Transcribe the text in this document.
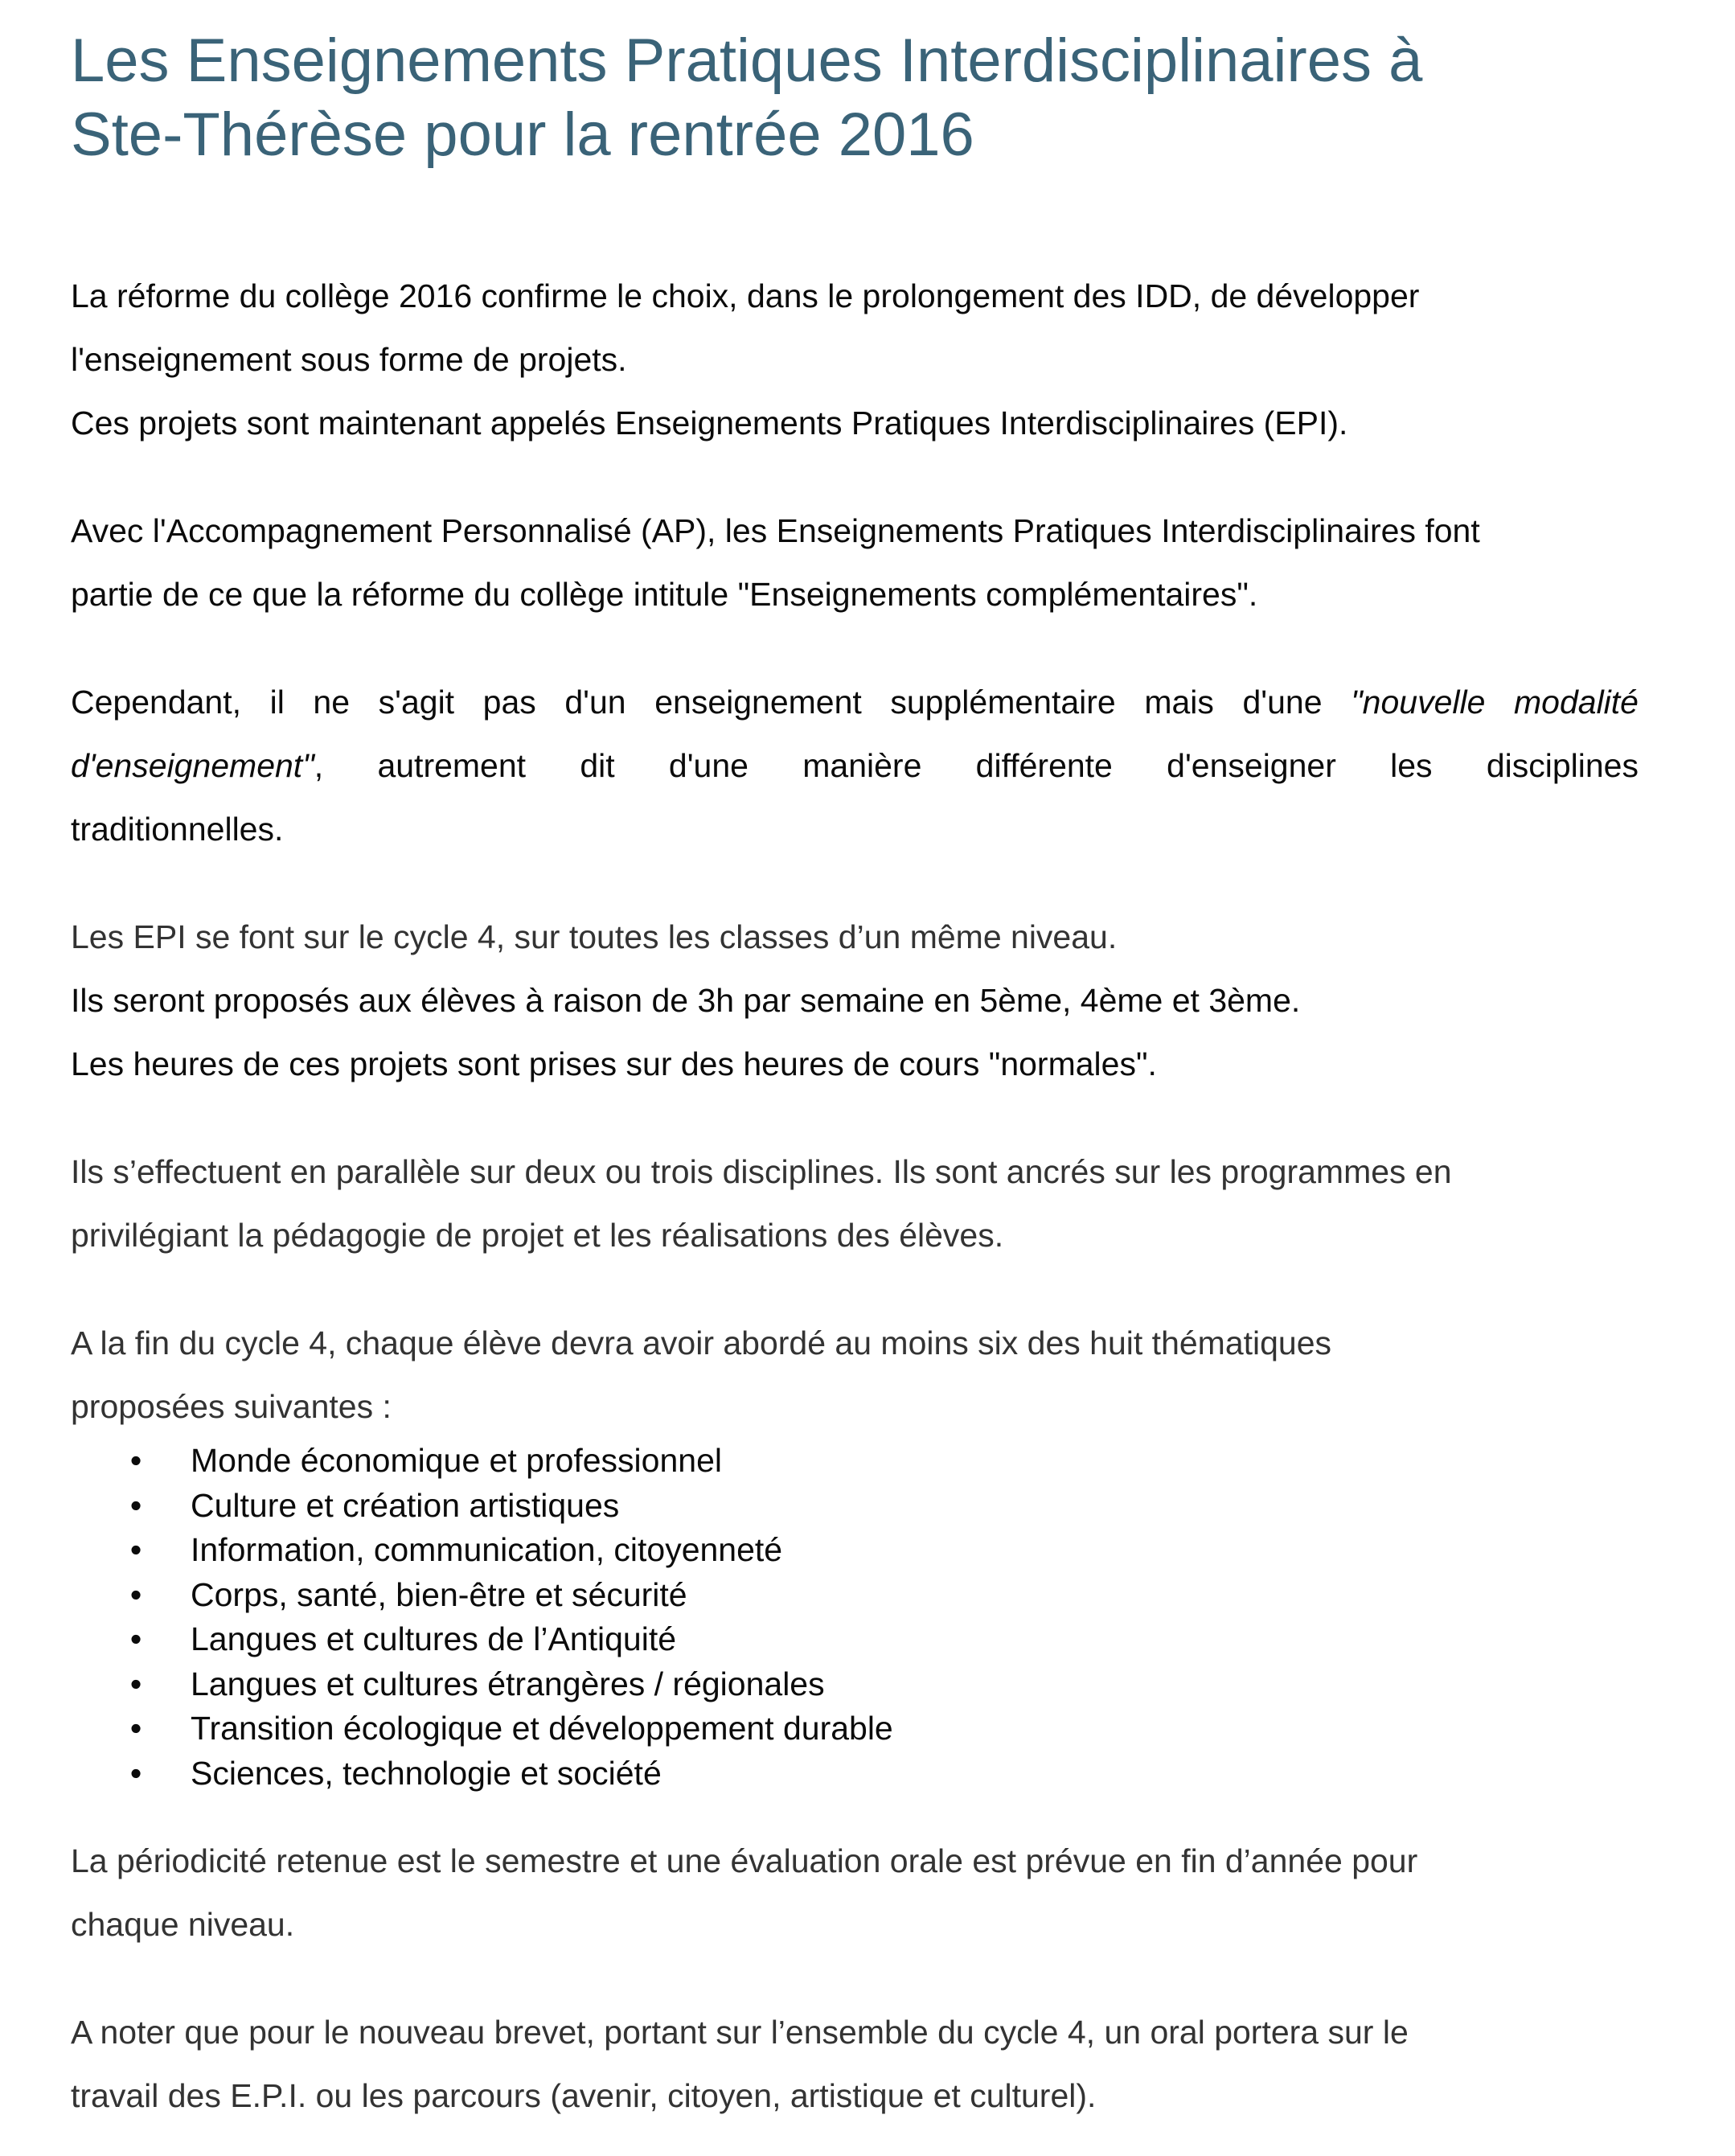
Les Enseignements Pratiques Interdisciplinaires à
Ste-Thérèse pour la rentrée 2016
La réforme du collège 2016 confirme le choix, dans le prolongement des IDD, de développer
l'enseignement sous forme de projets.
Ces projets sont maintenant appelés Enseignements Pratiques Interdisciplinaires (EPI).
Avec l'Accompagnement Personnalisé (AP), les Enseignements Pratiques Interdisciplinaires font
partie de ce que la réforme du collège intitule "Enseignements complémentaires".
Cependant, il ne s'agit pas d'un enseignement supplémentaire mais d'une "nouvelle modalité
d'enseignement", autrement dit d'une manière différente d'enseigner les disciplines
traditionnelles.
Les EPI se font sur le cycle 4, sur toutes les classes d’un même niveau.
Ils seront proposés aux élèves à raison de 3h par semaine en 5ème, 4ème et 3ème.
Les heures de ces projets sont prises sur des heures de cours "normales".
Ils s’effectuent en parallèle sur deux ou trois disciplines. Ils sont ancrés sur les programmes en
privilégiant la pédagogie de projet et les réalisations des élèves.
A la fin du cycle 4, chaque élève devra avoir abordé au moins six des huit thématiques
proposées suivantes :
• Monde économique et professionnel
• Culture et création artistiques
• Information, communication, citoyenneté
• Corps, santé, bien-être et sécurité
• Langues et cultures de l’Antiquité
• Langues et cultures étrangères / régionales
• Transition écologique et développement durable
• Sciences, technologie et société
La périodicité retenue est le semestre et une évaluation orale est prévue en fin d’année pour
chaque niveau.
A noter que pour le nouveau brevet, portant sur l’ensemble du cycle 4, un oral portera sur le
travail des E.P.I. ou les parcours (avenir, citoyen, artistique et culturel).
